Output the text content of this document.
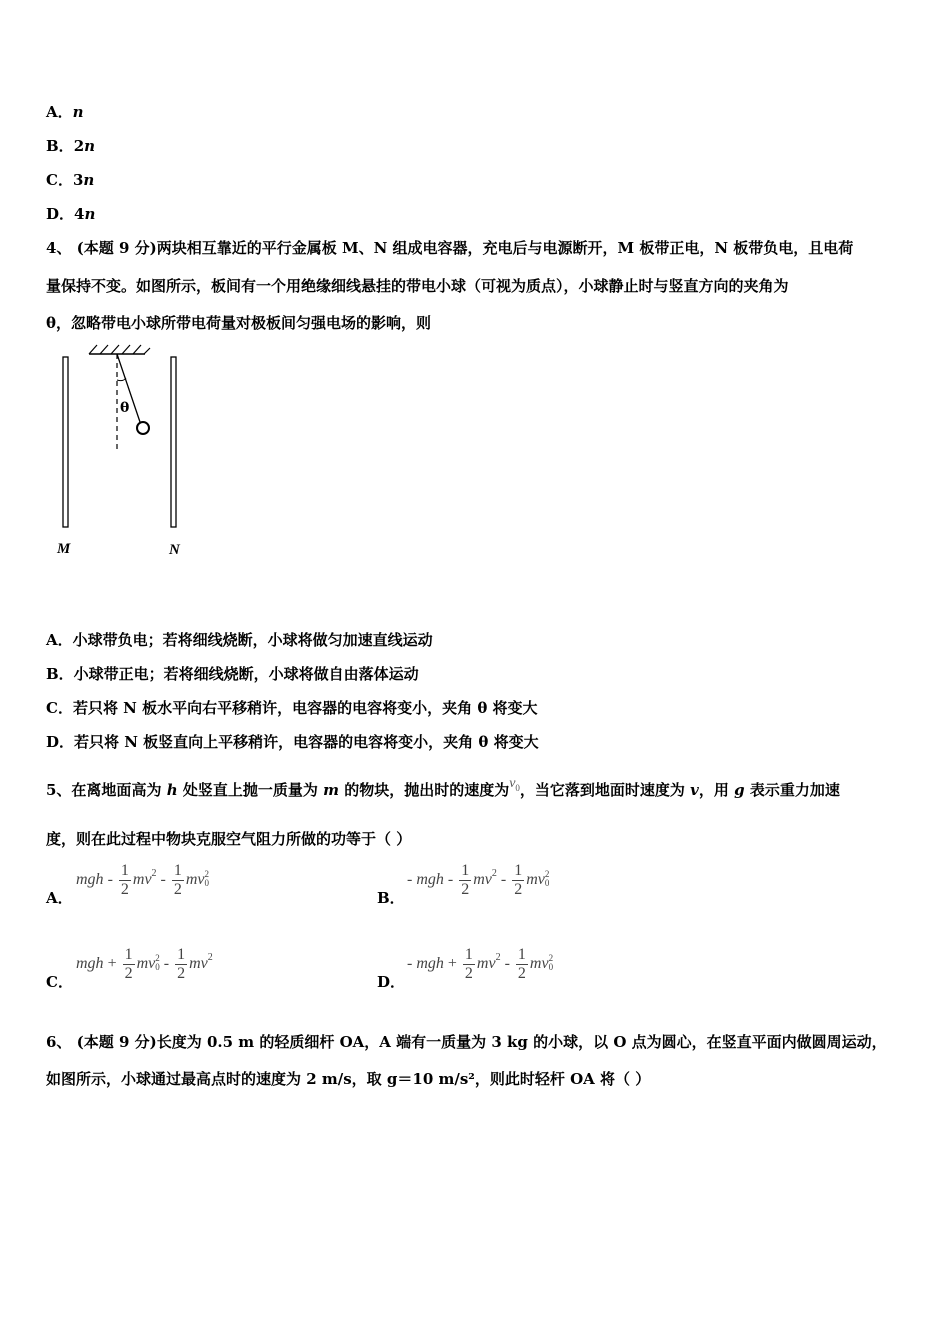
A．n
B．2n
C．3n
D．4n
4、 (本题 9 分)两块相互靠近的平行金属板 M、N 组成电容器，充电后与电源断开，M 板带正电，N 板带负电，且电荷
量保持不变。如图所示，板间有一个用绝缘细线悬挂的带电小球（可视为质点），小球静止时与竖直方向的夹角为
θ，忽略带电小球所带电荷量对极板间匀强电场的影响，则
θ
M	N
A．小球带负电；若将细线烧断，小球将做匀加速直线运动
B．小球带正电；若将细线烧断，小球将做自由落体运动
C．若只将 N 板水平向右平移稍许，电容器的电容将变小，夹角 θ 将变大
D．若只将 N 板竖直向上平移稍许，电容器的电容将变小，夹角 θ 将变大
5、在离地面高为 h 处竖直上抛一质量为 m 的物块，抛出时的速度为$v_0$，当它落到地面时速度为 v，用 g 表示重力加速
度，则在此过程中物块克服空气阻力所做的功等于（ ）
A．
mgh - $\frac{1}{2} mv^2 - \frac{1}{2}$ mv 2
0
B．
- mgh - $\frac{1}{2} mv^2 - \frac{1}{2}$ mv 2
0
C．
mgh + $\frac{1}{2}$ mv 2
$0 - \frac{1}{2} mv^2$
D．
- mgh + $\frac{1}{2} mv^2 - \frac{1}{2}$ mv 2
0
6、 (本题 9 分)长度为 0.5 m 的轻质细杆 OA，A 端有一质量为 3 kg 的小球，以 O 点为圆心，在竖直平面内做圆周运动，
如图所示，小球通过最高点时的速度为 2 m/s，取 g＝10 m/s²，则此时轻杆 OA 将（ ）
